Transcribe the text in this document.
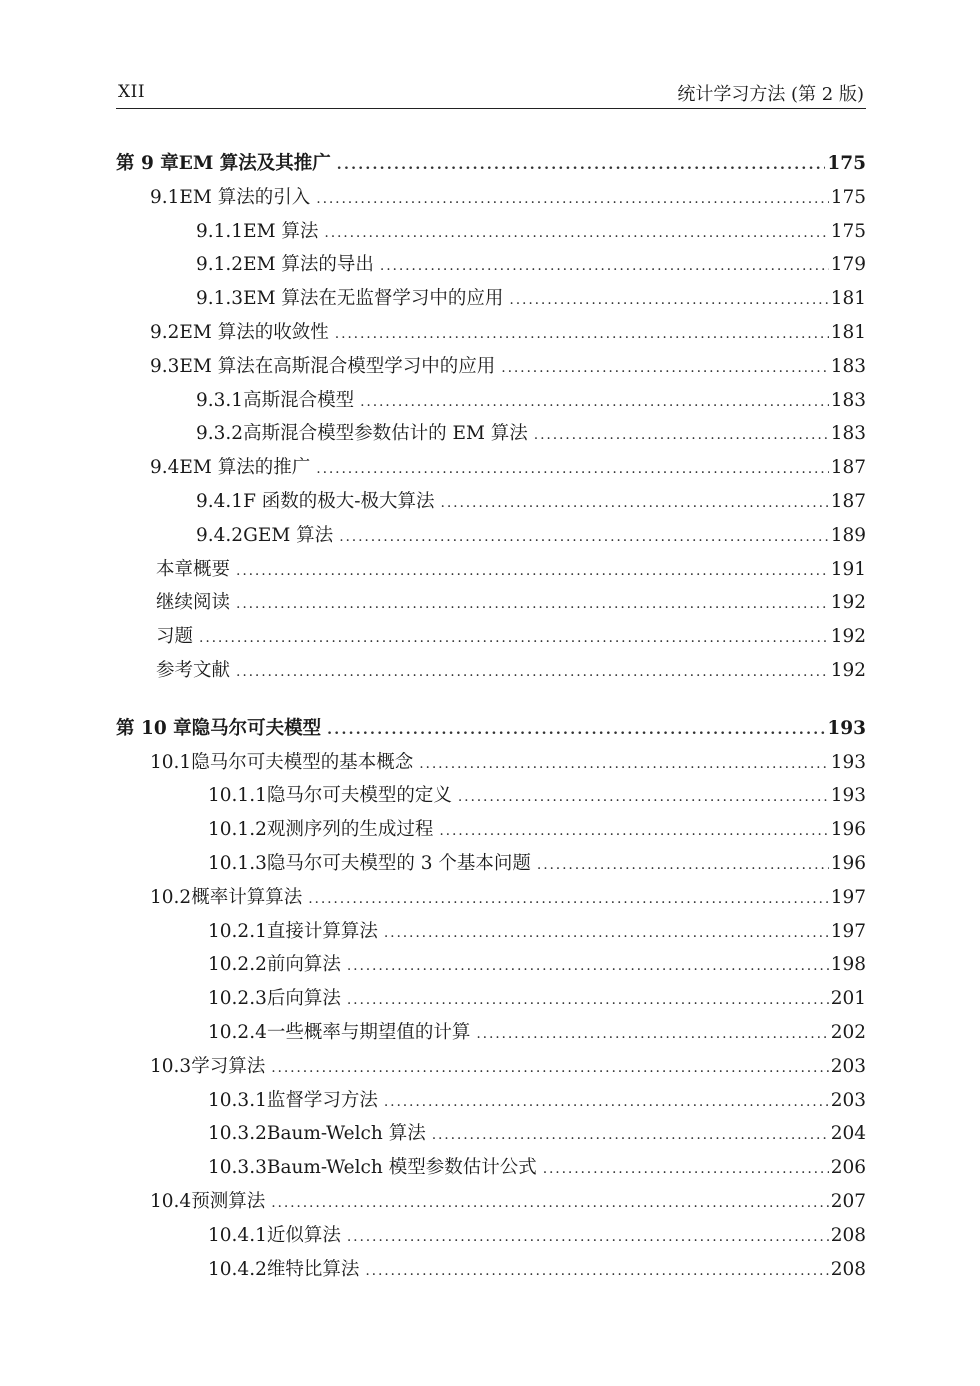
XII	统计学习方法 (第 2 版)
第 9 章 EM 算法及其推广 . . .	175
9.1 EM 算法的引入 . . .	175
9.1.1 EM 算法 . . .	175
9.1.2 EM 算法的导出 . . .	179
9.1.3 EM 算法在无监督学习中的应用 . . .	181
9.2 EM 算法的收敛性 . . .	181
9.3 EM 算法在高斯混合模型学习中的应用 . . .	183
9.3.1 高斯混合模型 . . .	183
9.3.2 高斯混合模型参数估计的 EM 算法 . . .	183
9.4 EM 算法的推广 . . .	187
9.4.1 F 函数的极大-极大算法 . . .	187
9.4.2 GEM 算法 . . .	189
本章概要 . . .	191
继续阅读 . . .	192
习题 . . .	192
参考文献 . . .	192
第 10 章 隐马尔可夫模型 . . .	193
10.1 隐马尔可夫模型的基本概念 . . .	193
10.1.1 隐马尔可夫模型的定义 . . .	193
10.1.2 观测序列的生成过程 . . .	196
10.1.3 隐马尔可夫模型的 3 个基本问题 . . .	196
10.2 概率计算算法 . . .	197
10.2.1 直接计算算法 . . .	197
10.2.2 前向算法 . . .	198
10.2.3 后向算法 . . .	201
10.2.4 一些概率与期望值的计算 . . .	202
10.3 学习算法 . . .	203
10.3.1 监督学习方法 . . .	203
10.3.2 Baum-Welch 算法 . . .	204
10.3.3 Baum-Welch 模型参数估计公式 . . .	206
10.4 预测算法 . . .	207
10.4.1 近似算法 . . .	208
10.4.2 维特比算法 . . .	208
